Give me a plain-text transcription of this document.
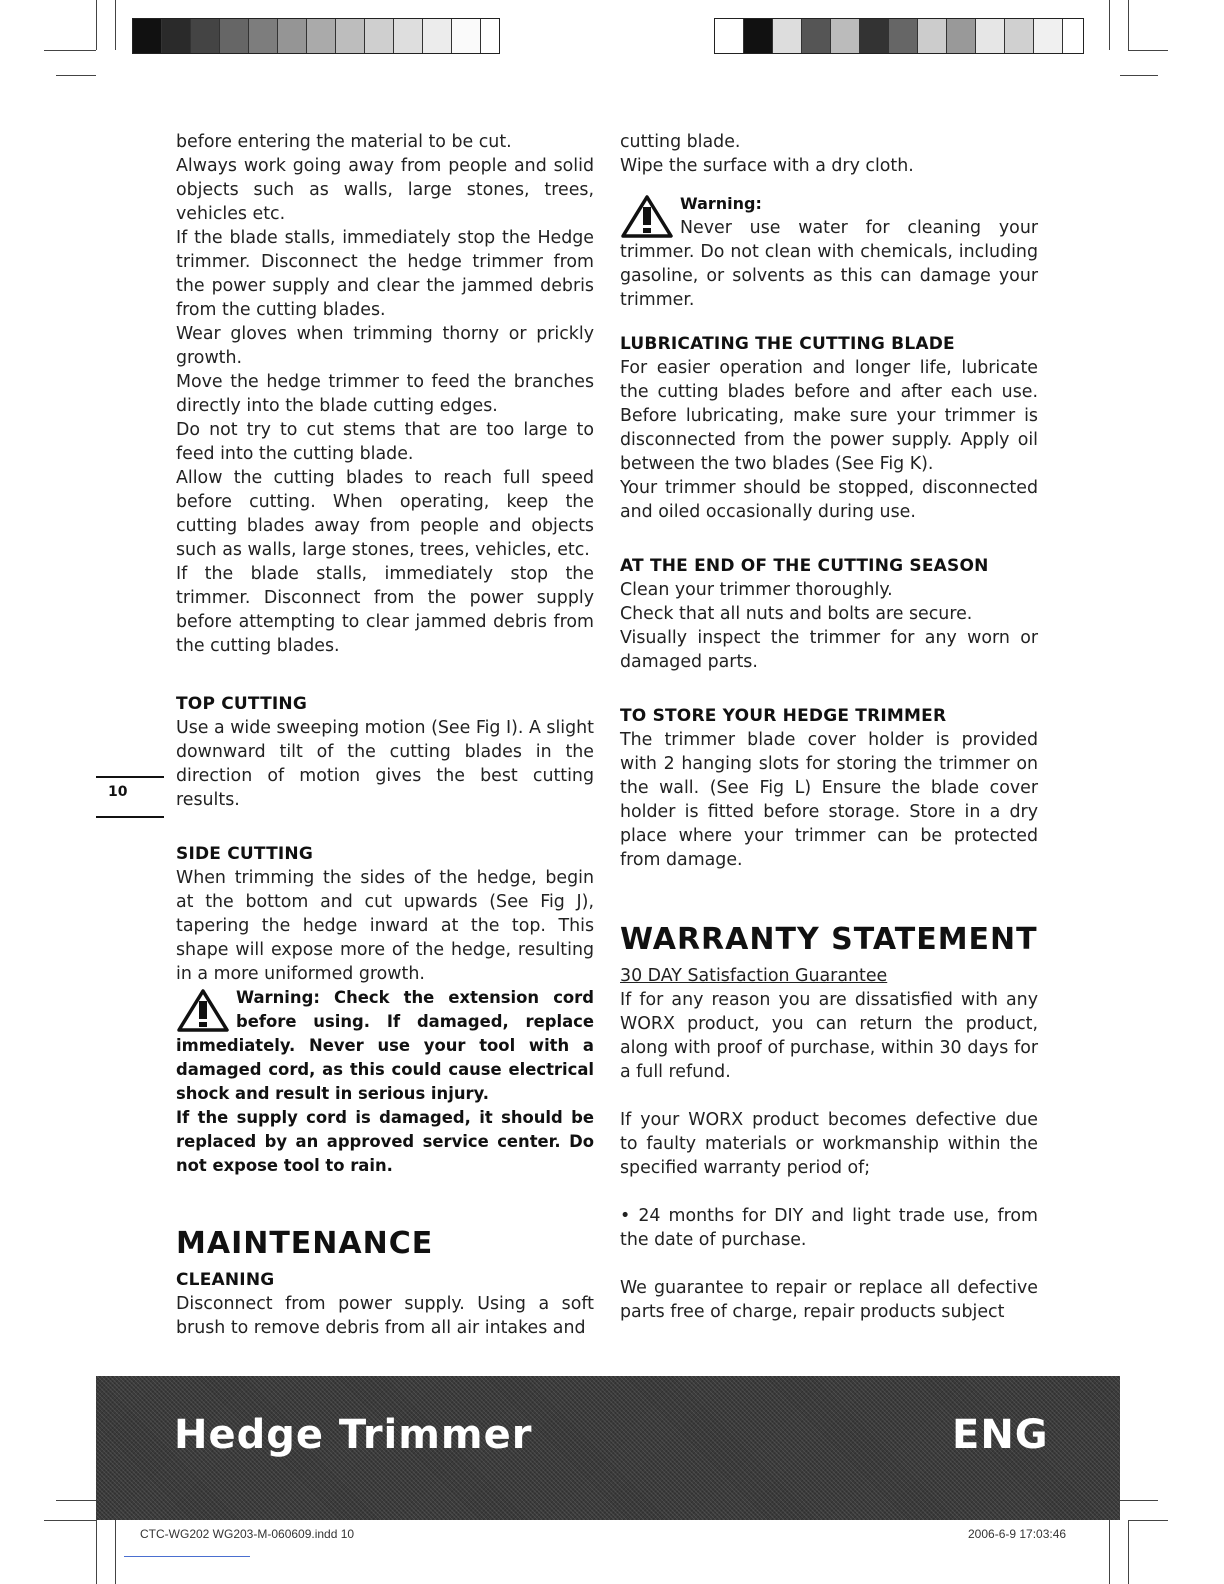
before entering the material to be cut.

Always work going away from people and solid objects such as walls, large stones, trees, vehicles etc.

If the blade stalls, immediately stop the Hedge trimmer. Disconnect the hedge trimmer from the power supply and clear the jammed debris from the cutting blades.

Wear gloves when trimming thorny or prickly growth.

Move the hedge trimmer to feed the branches directly into the blade cutting edges.

Do not try to cut stems that are too large to feed into the cutting blade.

Allow the cutting blades to reach full speed before cutting. When operating, keep the cutting blades away from people and objects such as walls, large stones, trees, vehicles, etc.

If the blade stalls, immediately stop the trimmer. Disconnect from the power supply before attempting to clear jammed debris from the cutting blades.

TOP CUTTING

Use a wide sweeping motion (See Fig I). A slight downward tilt of the cutting blades in the direction of motion gives the best cutting results.

SIDE CUTTING

When trimming the sides of the hedge, begin at the bottom and cut upwards (See Fig J), tapering the hedge inward at the top. This shape will expose more of the hedge, resulting in a more uniformed growth.

Warning: Check the extension cord before using. If damaged, replace immediately. Never use your tool with a damaged cord, as this could cause electrical shock and result in serious injury.

If the supply cord is damaged, it should be replaced by an approved service center. Do not expose tool to rain.

MAINTENANCE
CLEANING

Disconnect from power supply. Using a soft brush to remove debris from all air intakes and

cutting blade.

Wipe the surface with a dry cloth.

Warning:

Never use water for cleaning your trimmer. Do not clean with chemicals, including gasoline, or solvents as this can damage your trimmer.

LUBRICATING THE CUTTING BLADE

For easier operation and longer life, lubricate the cutting blades before and after each use. Before lubricating, make sure your trimmer is disconnected from the power supply. Apply oil between the two blades (See Fig K).

Your trimmer should be stopped, disconnected and oiled occasionally during use.

AT THE END OF THE CUTTING SEASON

Clean your trimmer thoroughly.

Check that all nuts and bolts are secure.

Visually inspect the trimmer for any worn or damaged parts.

TO STORE YOUR HEDGE TRIMMER

The trimmer blade cover holder is provided with 2 hanging slots for storing the trimmer on the wall. (See Fig L) Ensure the blade cover holder is fitted before storage. Store in a dry place where your trimmer can be protected from damage.

WARRANTY STATEMENT

30 DAY Satisfaction Guarantee

If for any reason you are dissatisfied with any WORX product, you can return the product, along with proof of purchase, within 30 days for a full refund.

If your WORX product becomes defective due to faulty materials or workmanship within the specified warranty period of;

• 24 months for DIY and light trade use, from the date of purchase.

We guarantee to repair or replace all defective parts free of charge, repair products subject

10
Hedge Trimmer	ENG
CTC-WG202 WG203-M-060609.indd 10	2006-6-9 17:03:46
